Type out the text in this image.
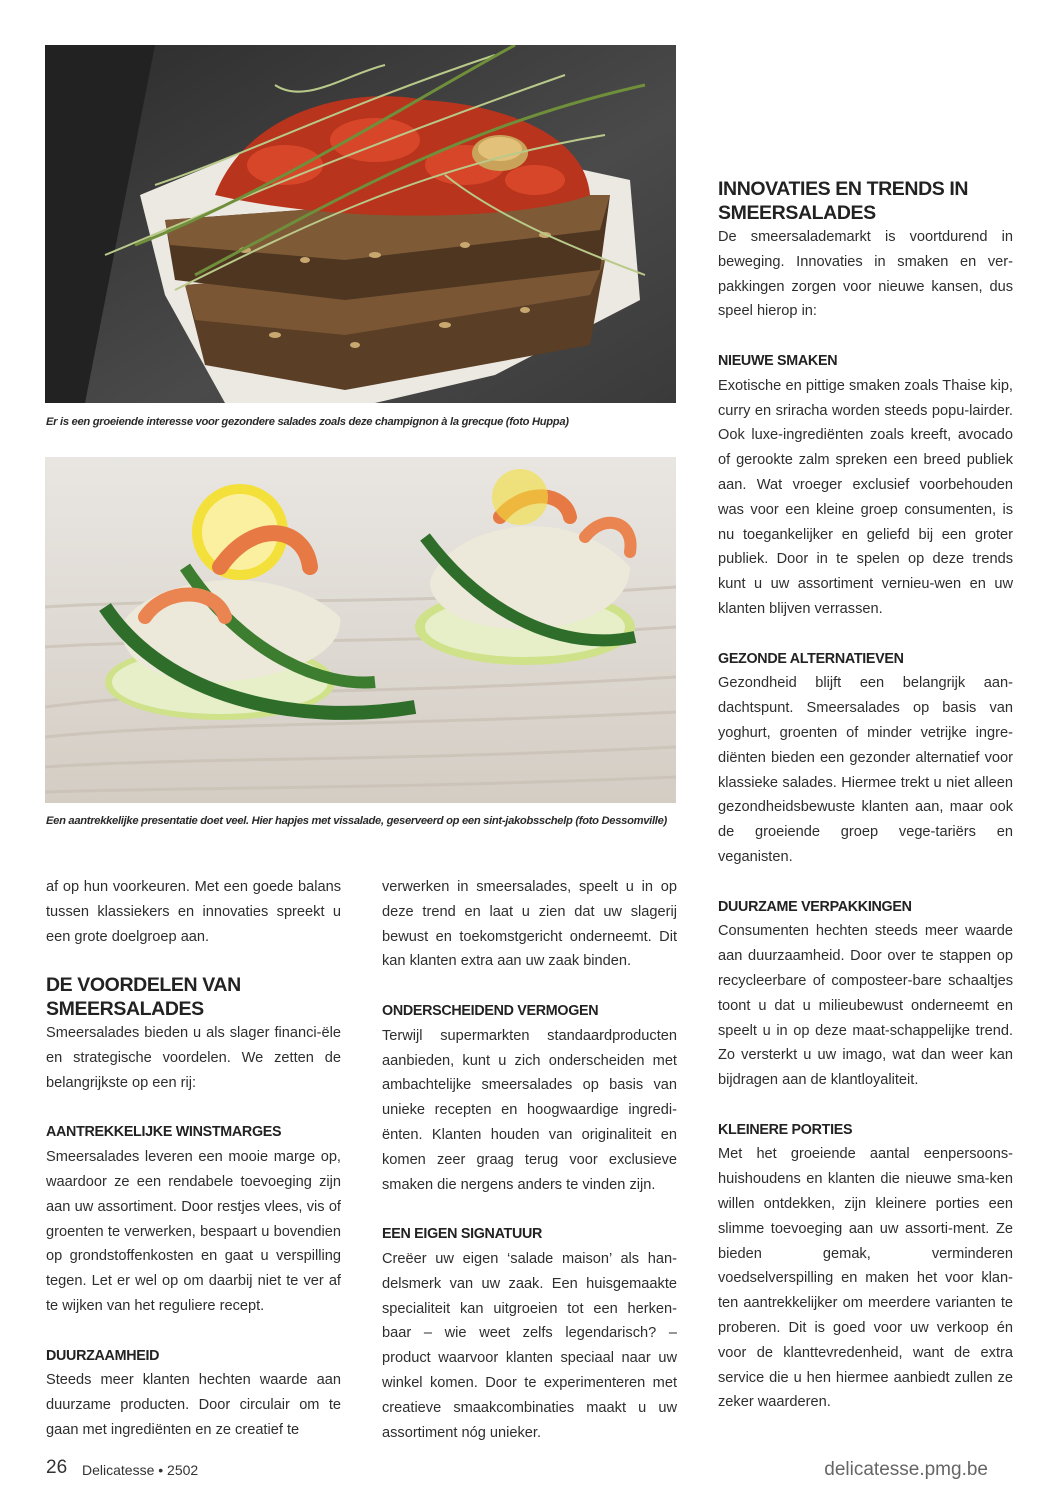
Er is een groeiende interesse voor gezondere salades zoals deze champignon à la grecque (foto Huppa)
Een aantrekkelijke presentatie doet veel. Hier hapjes met vissalade, geserveerd op een sint-jakobsschelp (foto Dessomville)

af op hun voorkeuren. Met een goede balans tussen klassiekers en innovaties spreekt u een grote doelgroep aan.

DE VOORDELEN VAN SMEERSALADES

Smeersalades bieden u als slager financi-ële en strategische voordelen. We zetten de belangrijkste op een rij:

AANTREKKELIJKE WINSTMARGES

Smeersalades leveren een mooie marge op, waardoor ze een rendabele toevoeging zijn aan uw assortiment. Door restjes vlees, vis of groenten te verwerken, bespaart u bovendien op grondstoffenkosten en gaat u verspilling tegen. Let er wel op om daarbij niet te ver af te wijken van het reguliere recept.

DUURZAAMHEID

Steeds meer klanten hechten waarde aan duurzame producten. Door circulair om te gaan met ingrediënten en ze creatief te

verwerken in smeersalades, speelt u in op deze trend en laat u zien dat uw slagerij bewust en toekomstgericht onderneemt. Dit kan klanten extra aan uw zaak binden.

ONDERSCHEIDEND VERMOGEN

Terwijl supermarkten standaardproducten aanbieden, kunt u zich onderscheiden met ambachtelijke smeersalades op basis van unieke recepten en hoogwaardige ingredi-ënten. Klanten houden van originaliteit en komen zeer graag terug voor exclusieve smaken die nergens anders te vinden zijn.

EEN EIGEN SIGNATUUR

Creëer uw eigen ‘salade maison’ als han-delsmerk van uw zaak. Een huisgemaakte specialiteit kan uitgroeien tot een herken-baar – wie weet zelfs legendarisch? – product waarvoor klanten speciaal naar uw winkel komen. Door te experimenteren met creatieve smaakcombinaties maakt u uw assortiment nóg unieker.

INNOVATIES EN TRENDS IN SMEERSALADES

De smeersalademarkt is voortdurend in beweging. Innovaties in smaken en ver-pakkingen zorgen voor nieuwe kansen, dus speel hierop in:

NIEUWE SMAKEN

Exotische en pittige smaken zoals Thaise kip, curry en sriracha worden steeds popu-lairder. Ook luxe-ingrediënten zoals kreeft, avocado of gerookte zalm spreken een breed publiek aan. Wat vroeger exclusief voorbehouden was voor een kleine groep consumenten, is nu toegankelijker en geliefd bij een groter publiek. Door in te spelen op deze trends kunt u uw assortiment vernieu-wen en uw klanten blijven verrassen.

GEZONDE ALTERNATIEVEN

Gezondheid blijft een belangrijk aan-dachtspunt. Smeersalades op basis van yoghurt, groenten of minder vetrijke ingre-diënten bieden een gezonder alternatief voor klassieke salades. Hiermee trekt u niet alleen gezondheidsbewuste klanten aan, maar ook de groeiende groep vege-tariërs en veganisten.

DUURZAME VERPAKKINGEN

Consumenten hechten steeds meer waarde aan duurzaamheid. Door over te stappen op recycleerbare of composteer-bare schaaltjes toont u dat u milieubewust onderneemt en speelt u in op deze maat-schappelijke trend. Zo versterkt u uw imago, wat dan weer kan bijdragen aan de klantloyaliteit.

KLEINERE PORTIES

Met het groeiende aantal eenpersoons-huishoudens en klanten die nieuwe sma-ken willen ontdekken, zijn kleinere porties een slimme toevoeging aan uw assorti-ment. Ze bieden gemak, verminderen voedselverspilling en maken het voor klan-ten aantrekkelijker om meerdere varianten te proberen. Dit is goed voor uw verkoop én voor de klanttevredenheid, want de extra service die u hen hiermee aanbiedt zullen ze zeker waarderen.

26 Delicatesse • 2502	delicatesse.pmg.be
